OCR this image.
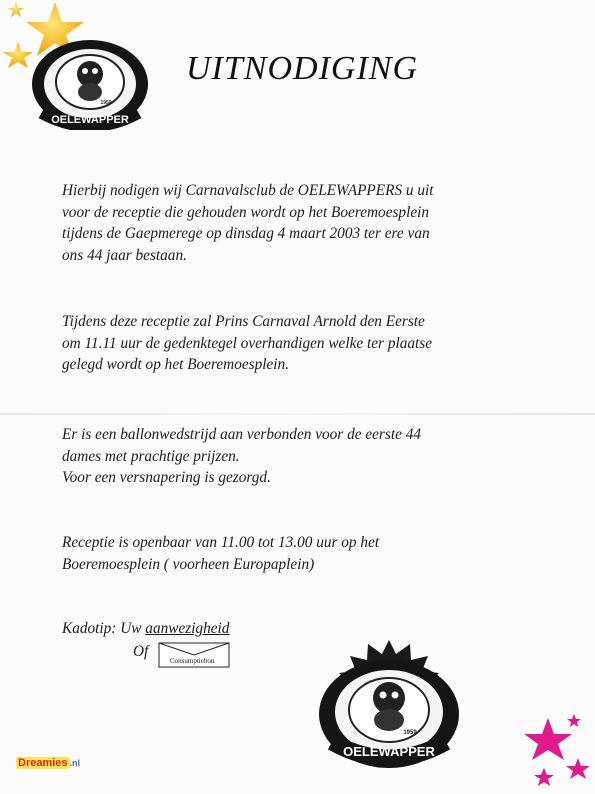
OELEWAPPER
1959
UITNODIGING
Hierbij nodigen wij Carnavalsclub de OELEWAPPERS u uit
voor de receptie die gehouden wordt op het Boeremoesplein
tijdens de Gaepmerege op dinsdag 4 maart 2003 ter ere van
ons 44 jaar bestaan.
Tijdens deze receptie zal Prins Carnaval Arnold den Eerste
om 11.11 uur de gedenktegel overhandigen welke ter plaatse
gelegd wordt op het Boeremoesplein.
Er is een ballonwedstrijd aan verbonden voor de eerste 44
dames met prachtige prijzen.
Voor een versnapering is gezorgd.
Receptie is openbaar van 11.00 tot 13.00 uur op het
Boeremoesplein ( voorheen Europaplein)
Kadotip: Uw aanwezigheid
Of
Consumptiebon
OELEWAPPER
1959
Dreamies .nl
